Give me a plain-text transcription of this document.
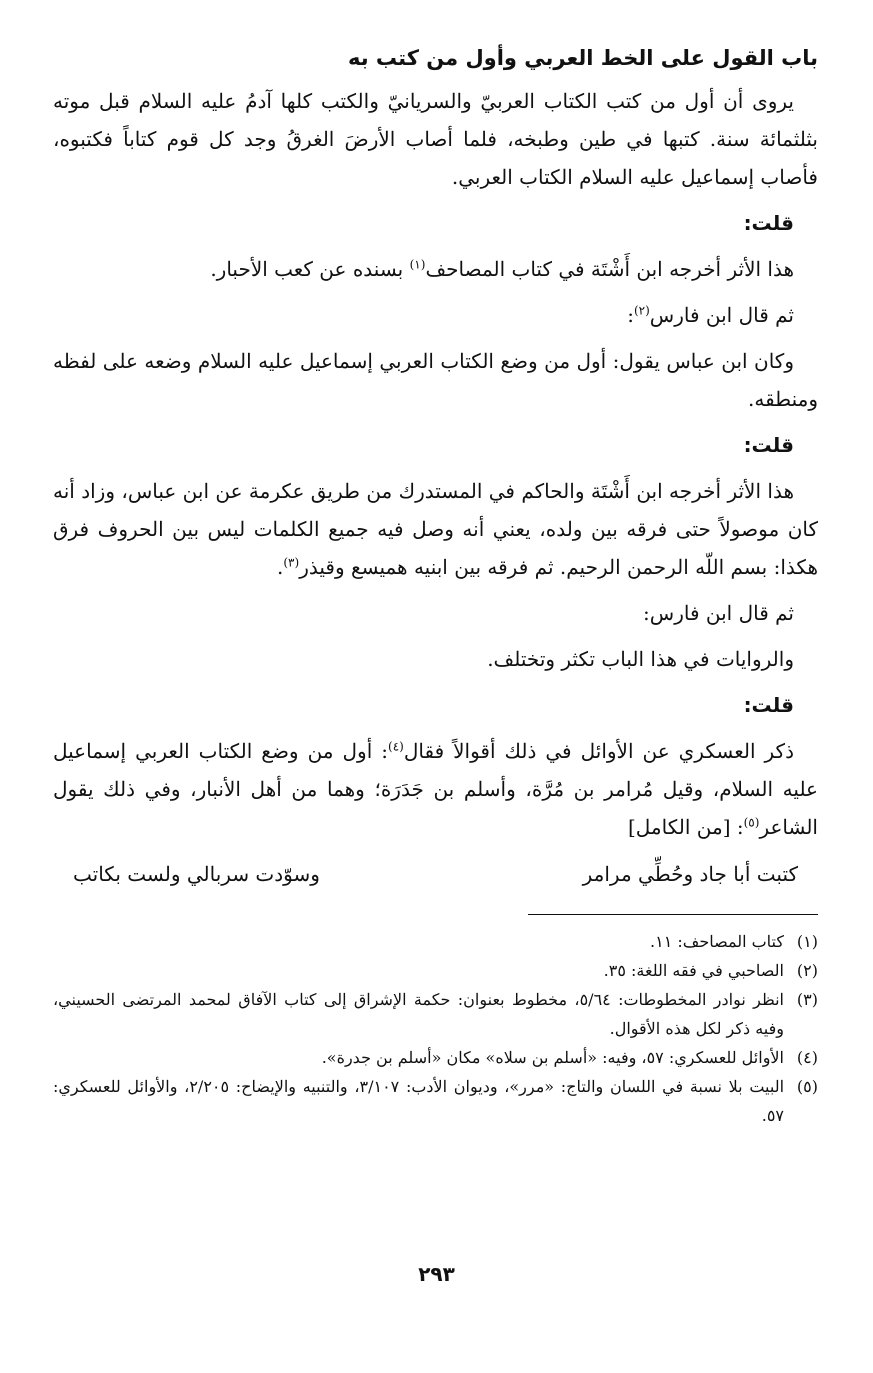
باب القول على الخط العربي وأول من كتب به

يروى أن أول من كتب الكتاب العربيّ والسريانيّ والكتب كلها آدمُ عليه السلام قبل موته بثلثمائة سنة. كتبها في طين وطبخه، فلما أصاب الأرضَ الغرقُ وجد كل قوم كتاباً فكتبوه، فأصاب إسماعيل عليه السلام الكتاب العربي.

قلت:

هذا الأثر أخرجه ابن أَشْتَة في كتاب المصاحف$^{(١)}$ بسنده عن كعب الأحبار.

ثم قال ابن فارس$^{(٢)}$:

وكان ابن عباس يقول: أول من وضع الكتاب العربي إسماعيل عليه السلام وضعه على لفظه ومنطقه.

قلت:

هذا الأثر أخرجه ابن أَشْتَة والحاكم في المستدرك من طريق عكرمة عن ابن عباس، وزاد أنه كان موصولاً حتى فرقه بين ولده، يعني أنه وصل فيه جميع الكلمات ليس بين الحروف فرق هكذا: بسم اللّه الرحمن الرحيم. ثم فرقه بين ابنيه هميسع وقيذر$^{(٣)}$.

ثم قال ابن فارس:

والروايات في هذا الباب تكثر وتختلف.

قلت:

ذكر العسكري عن الأوائل في ذلك أقوالاً فقال$^{(٤)}$: أول من وضع الكتاب العربي إسماعيل عليه السلام، وقيل مُرامر بن مُرَّة، وأسلم بن جَدَرَة؛ وهما من أهل الأنبار، وفي ذلك يقول الشاعر$^{(٥)}$: [من الكامل]

كتبت أبا جاد وحُطِّي مرامر
وسوّدت سربالي ولست بكاتب
(١)
كتاب المصاحف: ١١.
(٢)
الصاحبي في فقه اللغة: ٣٥.
(٣)
انظر نوادر المخطوطات: ٥/٦٤، مخطوط بعنوان: حكمة الإشراق إلى كتاب الآفاق لمحمد المرتضى الحسيني، وفيه ذكر لكل هذه الأقوال.
(٤)
الأوائل للعسكري: ٥٧، وفيه: «أسلم بن سلاه» مكان «أسلم بن جدرة».
(٥)
البيت بلا نسبة في اللسان والتاج: «مرر»، وديوان الأدب: ٣/١٠٧، والتنبيه والإيضاح: ٢/٢٠٥، والأوائل للعسكري: ٥٧.
٢٩٣
